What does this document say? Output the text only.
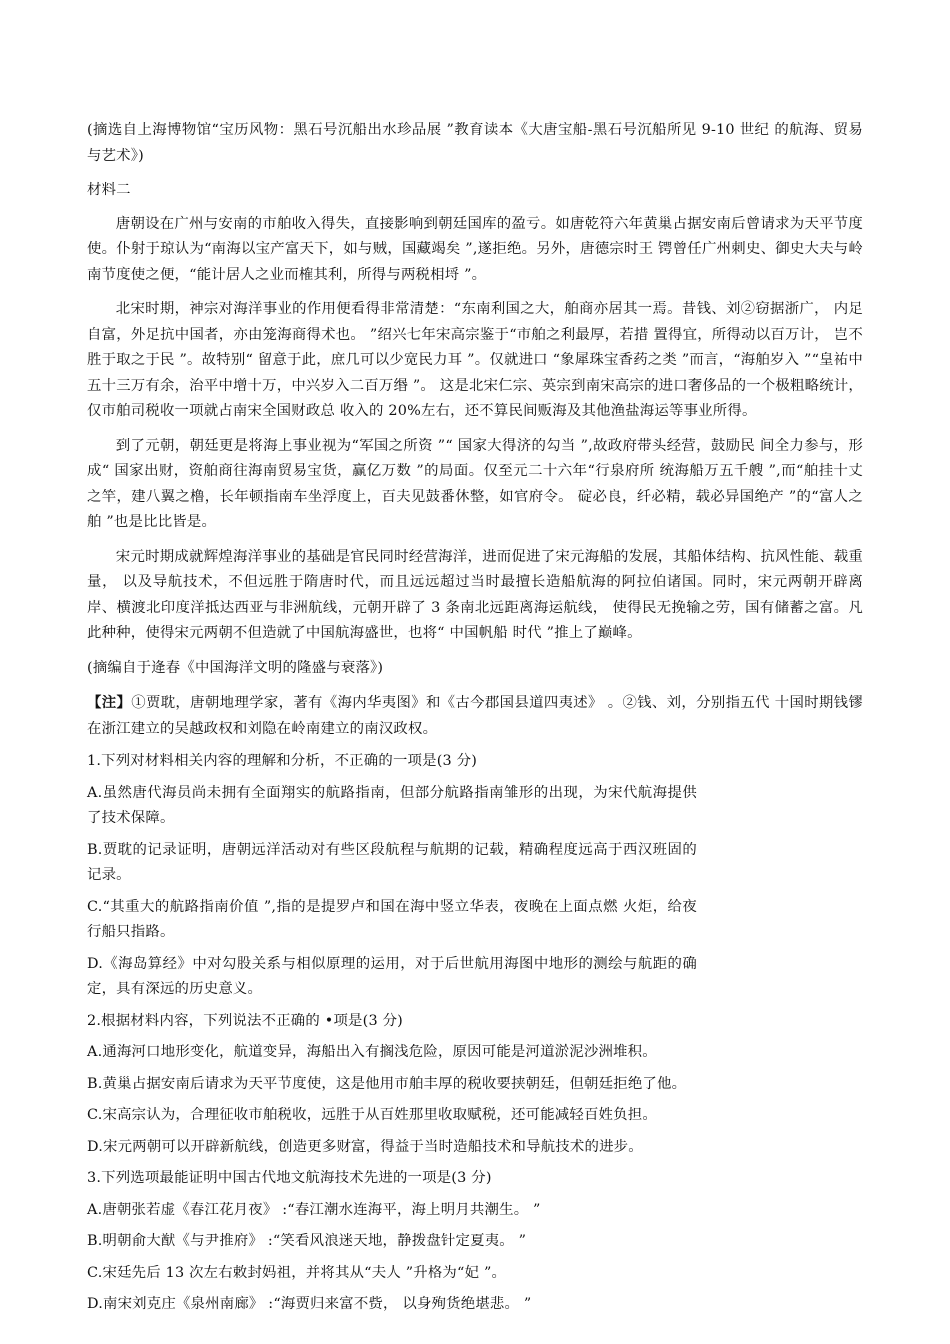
(摘选自上海博物馆“宝历风物：黑石号沉船出水珍品展 ”教育读本《大唐宝船-黑石号沉船所见 9-10 世纪 的航海、贸易与艺术》)

材料二

唐朝设在广州与安南的市舶收入得失，直接影响到朝廷国库的盈亏。如唐乾符六年黄巢占据安南后曾请求为天平节度使。仆射于琼认为“南海以宝产富天下，如与贼，国藏竭矣 ”,遂拒绝。另外，唐德宗时王 锷曾任广州刺史、御史大夫与岭南节度使之便，“能计居人之业而榷其利，所得与两税相埒 ”。

北宋时期，神宗对海洋事业的作用便看得非常清楚：“东南利国之大，舶商亦居其一焉。昔钱、刘②窃据浙广， 内足自富，外足抗中国者，亦由笼海商得术也。 ”绍兴七年宋高宗鉴于“市舶之利最厚，若措 置得宜，所得动以百万计， 岂不胜于取之于民 ”。故特别“ 留意于此，庶几可以少宽民力耳 ”。仅就进口 “象犀珠宝香药之类 ”而言，“海舶岁入 ”“皇祐中五十三万有余，治平中增十万，中兴岁入二百万缗 ”。 这是北宋仁宗、英宗到南宋高宗的进口奢侈品的一个极粗略统计，仅市舶司税收一项就占南宋全国财政总 收入的 20%左右，还不算民间贩海及其他渔盐海运等事业所得。

到了元朝，朝廷更是将海上事业视为“军国之所资 ”“ 国家大得济的勾当 ”,故政府带头经营，鼓励民 间全力参与，形成“ 国家出财，资舶商往海南贸易宝货，赢亿万数 ”的局面。仅至元二十六年“行泉府所 统海船万五千艘 ”,而“舶挂十丈之竿，建八翼之橹，长年顿指南车坐浮度上，百夫见鼓番休整，如官府令。 碇必良，纤必精，载必异国绝产 ”的“富人之舶 ”也是比比皆是。

宋元时期成就辉煌海洋事业的基础是官民同时经营海洋，进而促进了宋元海船的发展，其船体结构、抗风性能、载重量， 以及导航技术，不但远胜于隋唐时代，而且远远超过当时最擅长造船航海的阿拉伯诸国。同时，宋元两朝开辟离岸、横渡北印度洋抵达西亚与非洲航线，元朝开辟了 3 条南北远距离海运航线， 使得民无挽输之劳，国有储蓄之富。凡此种种，使得宋元两朝不但造就了中国航海盛世，也将“ 中国帆船 时代 ”推上了巅峰。

(摘编自于逄春《中国海洋文明的隆盛与衰落》)

【注】①贾耽，唐朝地理学家，著有《海内华夷图》和《古今郡国县道四夷述》 。②钱、刘，分别指五代 十国时期钱镠在浙江建立的吴越政权和刘隐在岭南建立的南汉政权。

1.下列对材料相关内容的理解和分析，不正确的一项是(3 分)

A.虽然唐代海员尚未拥有全面翔实的航路指南，但部分航路指南雏形的出现，为宋代航海提供了技术保障。

B.贾耽的记录证明，唐朝远洋活动对有些区段航程与航期的记载，精确程度远高于西汉班固的记录。

C.“其重大的航路指南价值 ”,指的是提罗卢和国在海中竖立华表，夜晚在上面点燃 火炬，给夜行船只指路。

D.《海岛算经》中对勾股关系与相似原理的运用，对于后世航用海图中地形的测绘与航距的确定，具有深远的历史意义。

2.根据材料内容，下列说法不正确的 •项是(3 分)

A.通海河口地形变化，航道变异，海船出入有搁浅危险，原因可能是河道淤泥沙洲堆积。

B.黄巢占据安南后请求为天平节度使，这是他用市舶丰厚的税收要挟朝廷，但朝廷拒绝了他。

C.宋高宗认为，合理征收市舶税收，远胜于从百姓那里收取赋税，还可能减轻百姓负担。

D.宋元两朝可以开辟新航线，创造更多财富，得益于当时造船技术和导航技术的进步。

3.下列选项最能证明中国古代地文航海技术先进的一项是(3 分)

A.唐朝张若虚《春江花月夜》 :“春江潮水连海平，海上明月共潮生。 ”

B.明朝俞大猷《与尹推府》 :“笑看风浪迷天地，静拨盘针定夏夷。 ”

C.宋廷先后 13 次左右敕封妈祖，并将其从“夫人 ”升格为“妃 ”。

D.南宋刘克庄《泉州南廊》 :“海贾归来富不赀， 以身殉货绝堪悲。 ”
